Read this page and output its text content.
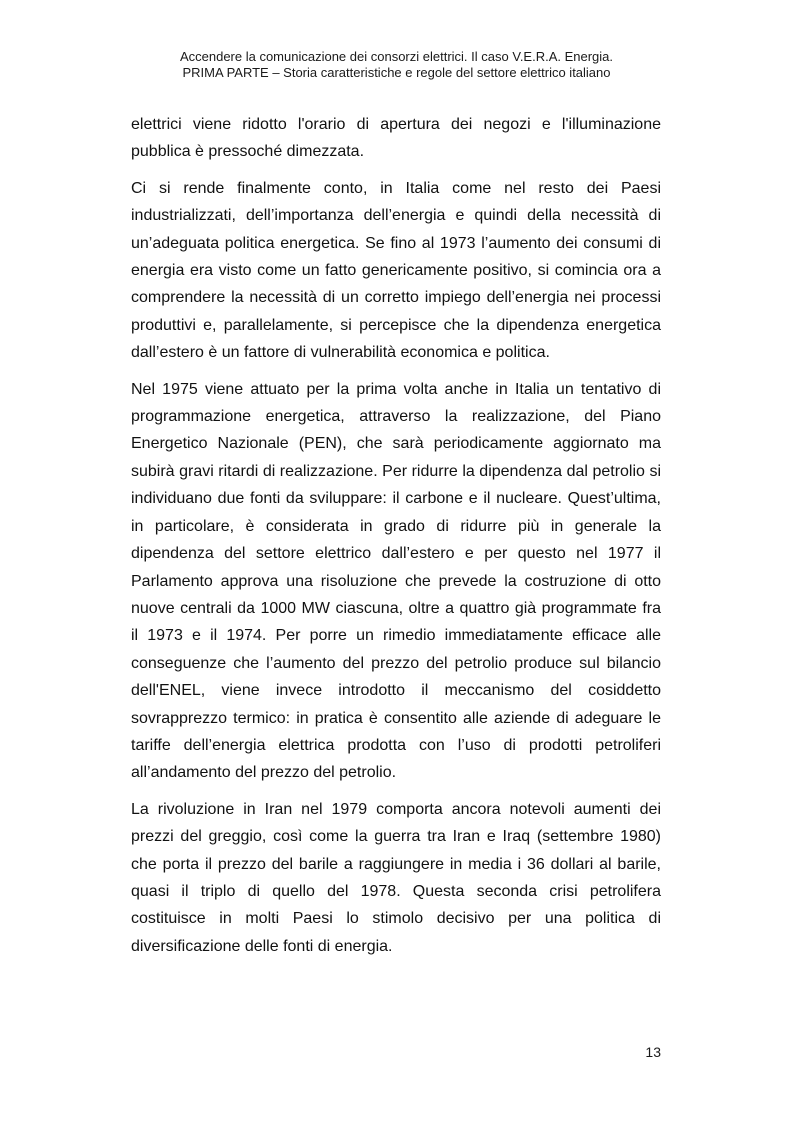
Accendere la comunicazione dei consorzi elettrici. Il caso V.E.R.A. Energia.
PRIMA PARTE – Storia caratteristiche e regole del settore elettrico italiano

elettrici viene ridotto l'orario di apertura dei negozi e l'illuminazione pubblica è pressoché dimezzata.

Ci si rende finalmente conto, in Italia come nel resto dei Paesi industrializzati, dell’importanza dell’energia e quindi della necessità di un’adeguata politica energetica. Se fino al 1973 l’aumento dei consumi di energia era visto come un fatto genericamente positivo, si comincia ora a comprendere la necessità di un corretto impiego dell’energia nei processi produttivi e, parallelamente, si percepisce che la dipendenza energetica dall’estero è un fattore di vulnerabilità economica e politica.

Nel 1975 viene attuato per la prima volta anche in Italia un tentativo di programmazione energetica, attraverso la realizzazione, del Piano Energetico Nazionale (PEN), che sarà periodicamente aggiornato ma subirà gravi ritardi di realizzazione. Per ridurre la dipendenza dal petrolio si individuano due fonti da sviluppare: il carbone e il nucleare. Quest’ultima, in particolare, è considerata in grado di ridurre più in generale la dipendenza del settore elettrico dall’estero e per questo nel 1977 il Parlamento approva una risoluzione che prevede la costruzione di otto nuove centrali da 1000 MW ciascuna, oltre a quattro già programmate fra il 1973 e il 1974. Per porre un rimedio immediatamente efficace alle conseguenze che l’aumento del prezzo del petrolio produce sul bilancio dell'ENEL, viene invece introdotto il meccanismo del cosiddetto sovrapprezzo termico: in pratica è consentito alle aziende di adeguare le tariffe dell’energia elettrica prodotta con l’uso di prodotti petroliferi all’andamento del prezzo del petrolio.

La rivoluzione in Iran nel 1979 comporta ancora notevoli aumenti dei prezzi del greggio, così come la guerra tra Iran e Iraq (settembre 1980) che porta il prezzo del barile a raggiungere in media i 36 dollari al barile, quasi il triplo di quello del 1978. Questa seconda crisi petrolifera costituisce in molti Paesi lo stimolo decisivo per una politica di diversificazione delle fonti di energia.

13
